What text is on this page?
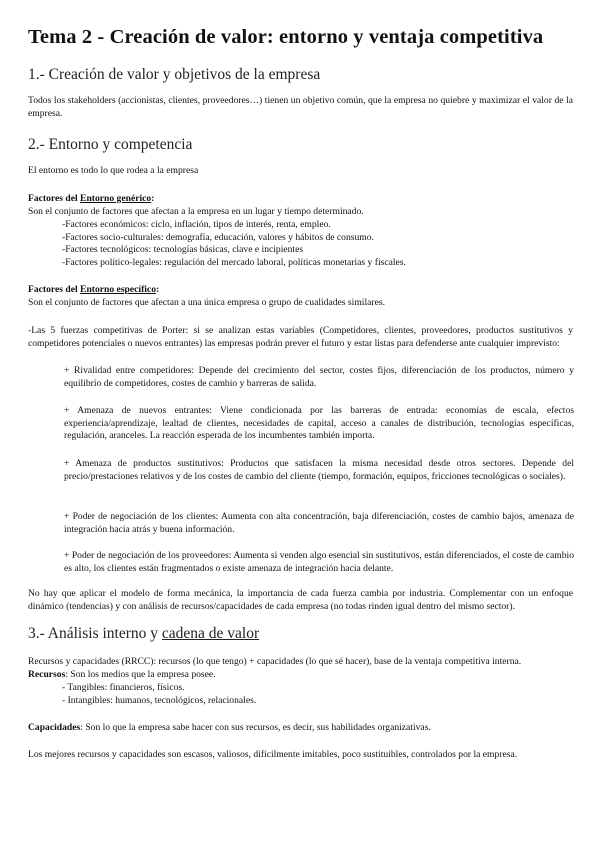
Tema 2 - Creación de valor: entorno y ventaja competitiva
1.- Creación de valor y objetivos de la empresa
Todos los stakeholders (accionistas, clientes, proveedores…) tienen un objetivo común, que la empresa no quiebre y maximizar el valor de la empresa.
2.- Entorno y competencia
El entorno es todo lo que rodea a la empresa
Factores del Entorno genérico:
Son el conjunto de factores que afectan a la empresa en un lugar y tiempo determinado.
-Factores económicos: ciclo, inflación, tipos de interés, renta, empleo.
-Factores socio-culturales: demografía, educación, valores y hábitos de consumo.
-Factores tecnológicos: tecnologías básicas, clave e incipientes
-Factores político-legales: regulación del mercado laboral, políticas monetarias y fiscales.
Factores del Entorno específico:
Son el conjunto de factores que afectan a una única empresa o grupo de cualidades similares.
-Las 5 fuerzas competitivas de Porter: si se analizan estas variables (Competidores, clientes, proveedores, productos sustitutivos y competidores potenciales o nuevos entrantes) las empresas podrán prever el futuro y estar listas para defenderse ante cualquier imprevisto:
+ Rivalidad entre competidores: Depende del crecimiento del sector, costes fijos, diferenciación de los productos, número y equilibrio de competidores, costes de cambio y barreras de salida.
+ Amenaza de nuevos entrantes: Viene condicionada por las barreras de entrada: economías de escala, efectos experiencia/aprendizaje, lealtad de clientes, necesidades de capital, acceso a canales de distribución, tecnologías específicas, regulación, aranceles. La reacción esperada de los incumbentes también importa.
+ Amenaza de productos sustitutivos: Productos que satisfacen la misma necesidad desde otros sectores. Depende del precio/prestaciones relativos y de los costes de cambio del cliente (tiempo, formación, equipos, fricciones tecnológicas o sociales).
+ Poder de negociación de los clientes: Aumenta con alta concentración, baja diferenciación, costes de cambio bajos, amenaza de integración hacia atrás y buena información.
+ Poder de negociación de los proveedores: Aumenta si venden algo esencial sin sustitutivos, están diferenciados, el coste de cambio es alto, los clientes están fragmentados o existe amenaza de integración hacia delante.
No hay que aplicar el modelo de forma mecánica, la importancia de cada fuerza cambia por industria. Complementar con un enfoque dinámico (tendencias) y con análisis de recursos/capacidades de cada empresa (no todas rinden igual dentro del mismo sector).
3.- Análisis interno y cadena de valor
Recursos y capacidades (RRCC): recursos (lo que tengo) + capacidades (lo que sé hacer), base de la ventaja competitiva interna.
Recursos: Son los medios que la empresa posee.
- Tangibles: financieros, físicos.
- Intangibles: humanos, tecnológicos, relacionales.
Capacidades: Son lo que la empresa sabe hacer con sus recursos, es decir, sus habilidades organizativas.
Los mejores recursos y capacidades son escasos, valiosos, difícilmente imitables, poco sustituibles, controlados por la empresa.
